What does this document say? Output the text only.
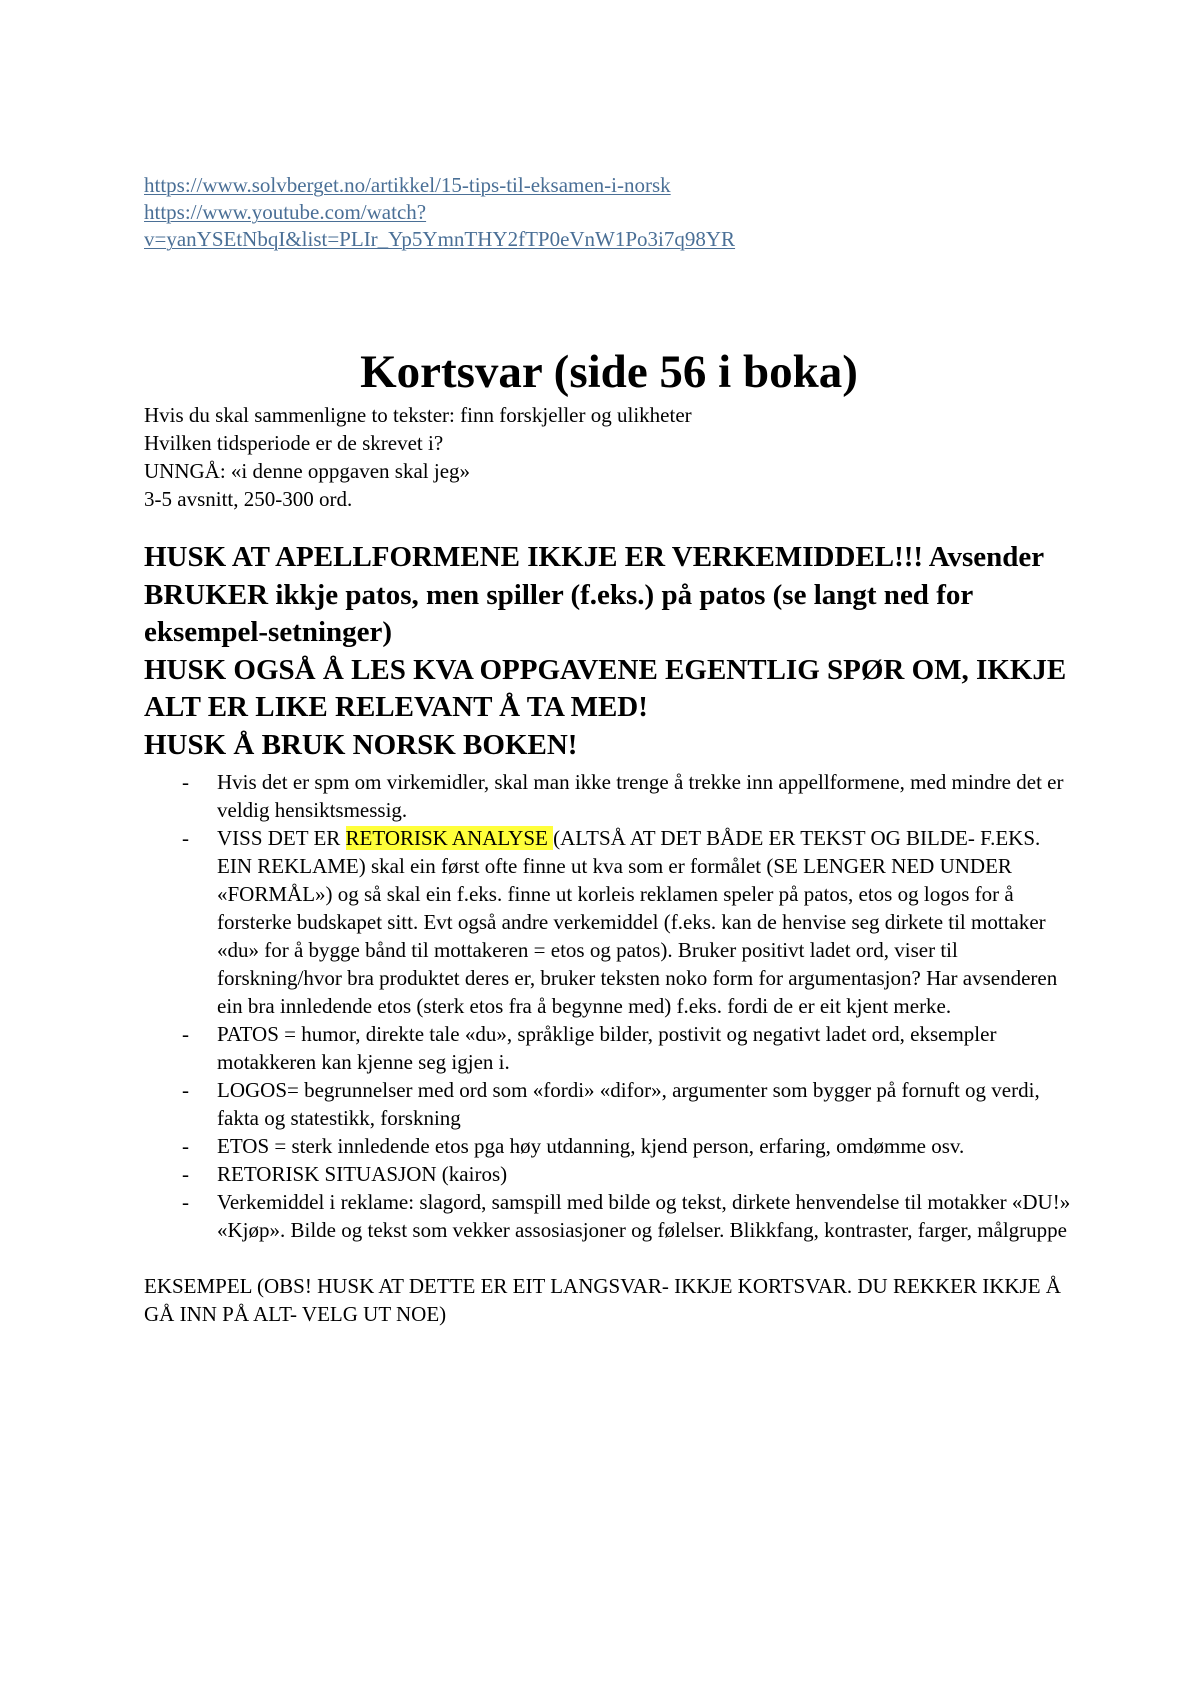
https://www.solvberget.no/artikkel/15-tips-til-eksamen-i-norsk
https://www.youtube.com/watch?
v=yanYSEtNbqI&list=PLIr_Yp5YmnTHY2fTP0eVnW1Po3i7q98YR
Kortsvar (side 56 i boka)
Hvis du skal sammenligne to tekster: finn forskjeller og ulikheter
Hvilken tidsperiode er de skrevet i?
UNNGÅ: «i denne oppgaven skal jeg»
3-5 avsnitt, 250-300 ord.
HUSK AT APELLFORMENE IKKJE ER VERKEMIDDEL!!! Avsender BRUKER ikkje patos, men spiller (f.eks.) på patos (se langt ned for eksempel-setninger)
HUSK OGSÅ Å LES KVA OPPGAVENE EGENTLIG SPØR OM, IKKJE ALT ER LIKE RELEVANT Å TA MED!
HUSK Å BRUK NORSK BOKEN!
- Hvis det er spm om virkemidler, skal man ikke trenge å trekke inn appellformene, med mindre det er veldig hensiktsmessig.
- VISS DET ER RETORISK ANALYSE (ALTSÅ AT DET BÅDE ER TEKST OG BILDE- F.EKS. EIN REKLAME) skal ein først ofte finne ut kva som er formålet (SE LENGER NED UNDER «FORMÅL») og så skal ein f.eks. finne ut korleis reklamen speler på patos, etos og logos for å forsterke budskapet sitt. Evt også andre verkemiddel (f.eks. kan de henvise seg dirkete til mottaker «du» for å bygge bånd til mottakeren = etos og patos). Bruker positivt ladet ord, viser til forskning/hvor bra produktet deres er, bruker teksten noko form for argumentasjon? Har avsenderen ein bra innledende etos (sterk etos fra å begynne med) f.eks. fordi de er eit kjent merke.
- PATOS = humor, direkte tale «du», språklige bilder, postivit og negativt ladet ord, eksempler motakkeren kan kjenne seg igjen i.
- LOGOS= begrunnelser med ord som «fordi» «difor», argumenter som bygger på fornuft og verdi, fakta og statestikk, forskning
- ETOS = sterk innledende etos pga høy utdanning, kjend person, erfaring, omdømme osv.
- RETORISK SITUASJON (kairos)
- Verkemiddel i reklame: slagord, samspill med bilde og tekst, dirkete henvendelse til motakker «DU!» «Kjøp». Bilde og tekst som vekker assosiasjoner og følelser. Blikkfang, kontraster, farger, målgruppe
EKSEMPEL (OBS! HUSK AT DETTE ER EIT LANGSVAR- IKKJE KORTSVAR. DU REKKER IKKJE Å GÅ INN PÅ ALT- VELG UT NOE)
